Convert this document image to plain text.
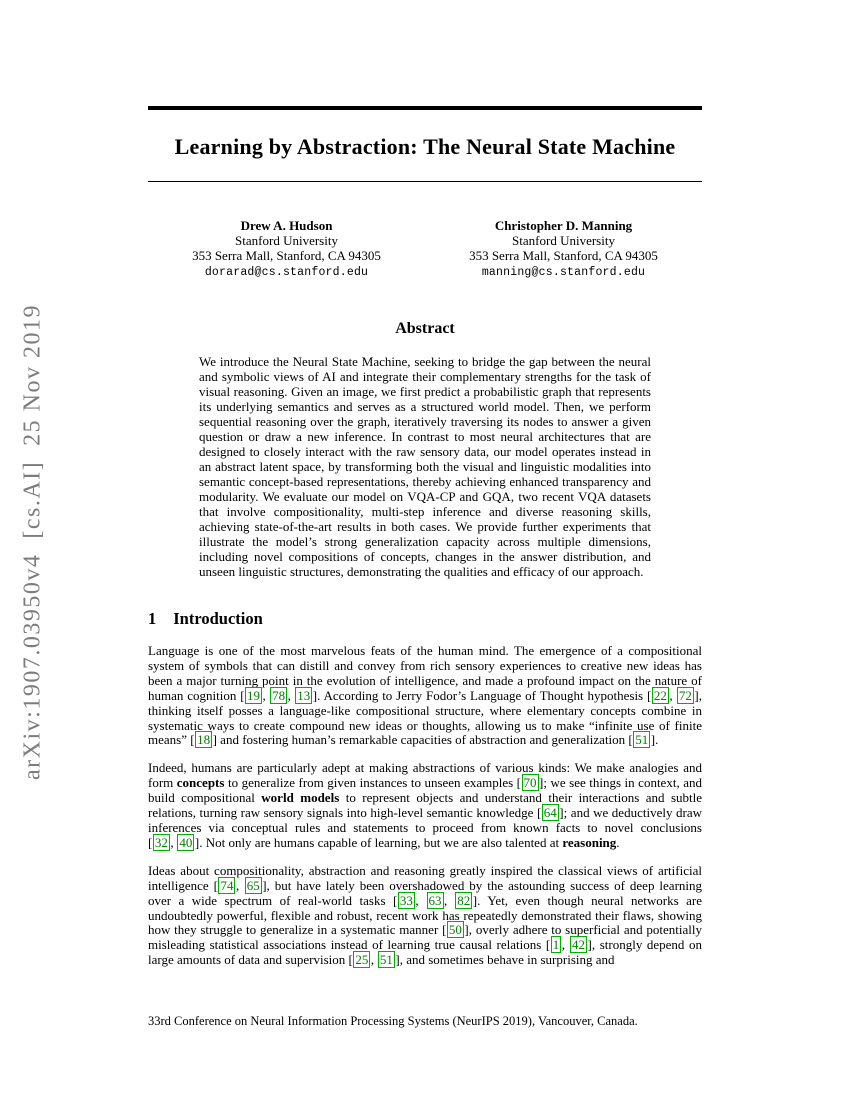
arXiv:1907.03950v4  [cs.AI]  25 Nov 2019
Learning by Abstraction: The Neural State Machine
Drew A. Hudson
Stanford University
353 Serra Mall, Stanford, CA 94305
dorarad@cs.stanford.edu
Christopher D. Manning
Stanford University
353 Serra Mall, Stanford, CA 94305
manning@cs.stanford.edu
Abstract
We introduce the Neural State Machine, seeking to bridge the gap between the neural and symbolic views of AI and integrate their complementary strengths for the task of visual reasoning. Given an image, we first predict a probabilistic graph that represents its underlying semantics and serves as a structured world model. Then, we perform sequential reasoning over the graph, iteratively traversing its nodes to answer a given question or draw a new inference. In contrast to most neural architectures that are designed to closely interact with the raw sensory data, our model operates instead in an abstract latent space, by transforming both the visual and linguistic modalities into semantic concept-based representations, thereby achieving enhanced transparency and modularity. We evaluate our model on VQA-CP and GQA, two recent VQA datasets that involve compositionality, multi-step inference and diverse reasoning skills, achieving state-of-the-art results in both cases. We provide further experiments that illustrate the model’s strong generalization capacity across multiple dimensions, including novel compositions of concepts, changes in the answer distribution, and unseen linguistic structures, demonstrating the qualities and efficacy of our approach.
1 Introduction

Language is one of the most marvelous feats of the human mind. The emergence of a compositional system of symbols that can distill and convey from rich sensory experiences to creative new ideas has been a major turning point in the evolution of intelligence, and made a profound impact on the nature of human cognition [ 19 , 78 , 13 ]. According to Jerry Fodor’s Language of Thought hypothesis [ 22 , 72 ], thinking itself posses a language-like compositional structure, where elementary concepts combine in systematic ways to create compound new ideas or thoughts, allowing us to make “infinite use of finite means” [ 18 ] and fostering human’s remarkable capacities of abstraction and generalization [ 51 ].

Indeed, humans are particularly adept at making abstractions of various kinds: We make analogies and form concepts to generalize from given instances to unseen examples [ 70 ]; we see things in context, and build compositional world models to represent objects and understand their interactions and subtle relations, turning raw sensory signals into high-level semantic knowledge [ 64 ]; and we deductively draw inferences via conceptual rules and statements to proceed from known facts to novel conclusions [ 32 , 40 ]. Not only are humans capable of learning, but we are also talented at reasoning.

Ideas about compositionality, abstraction and reasoning greatly inspired the classical views of artificial intelligence [ 74 , 65 ], but have lately been overshadowed by the astounding success of deep learning over a wide spectrum of real-world tasks [ 33 , 63 , 82 ]. Yet, even though neural networks are undoubtedly powerful, flexible and robust, recent work has repeatedly demonstrated their flaws, showing how they struggle to generalize in a systematic manner [ 50 ], overly adhere to superficial and potentially misleading statistical associations instead of learning true causal relations [ 1 , 42 ], strongly depend on large amounts of data and supervision [ 25 , 51 ], and sometimes behave in surprising and

33rd Conference on Neural Information Processing Systems (NeurIPS 2019), Vancouver, Canada.
